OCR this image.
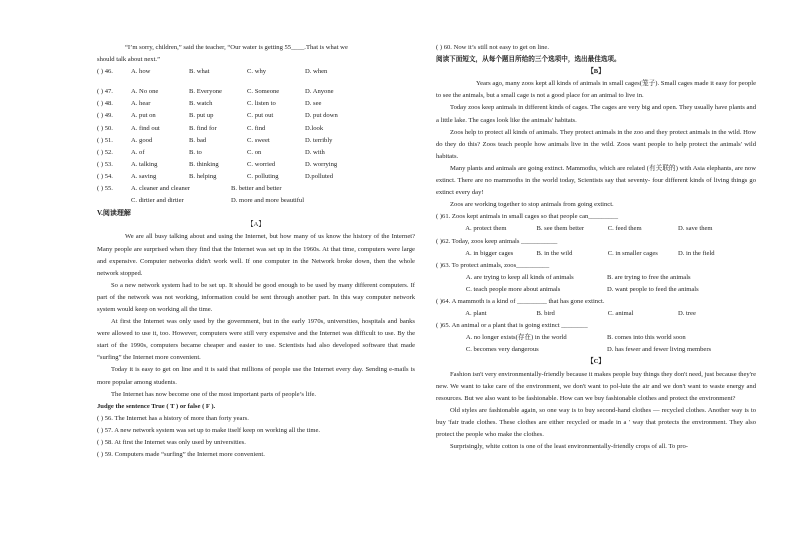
“I’m sorry, children,” said the teacher, “Our water is getting 55____.That is what we

should talk about next.”

( ) 46.	A. how	B. what	C. why	D. when
( ) 47.	A. No one	B. Everyone	C. Someone	D. Anyone
( ) 48.	A. hear	B. watch	C. listen to	D. see
( ) 49.	A. put on	B. put up	C. put out	D. put down
( ) 50.	A. find out	B. find for	C. find	D.look
( ) 51.	A. good	B. bad	C. sweet	D. terribly
( ) 52.	A. of	B. to	C. on	D. with
( ) 53.	A. talking	B. thinking	C. worried	D. worrying
( ) 54.	A. saving	B. helping	C. polluting	D.polluted
( ) 55.	A. cleaner and cleaner	B. better and better
C. dirtier and dirtier	D. more and more beautiful

V.阅读理解

【A】

We are all busy talking about and using the Internet, but how many of us know the history of the Internet? Many people are surprised when they find that the Internet was set up in the 1960s. At that time, computers were large and expensive. Computer networks didn't work well. If one computer in the Network broke down, then the whole network stopped.

So a new network system had to be set up. It should be good enough to be used by many different computers. If part of the network was not working, information could be sent through another part. In this way computer network system would keep on working all the time.

At first the Internet was only used by the government, but in the early 1970s, universities, hospitals and banks were allowed to use it, too. However, computers were still very expensive and the Internet was difficult to use. By the start of the 1990s, computers became cheaper and easier to use. Scientists had also developed software that made “surfing” the Internet more convenient.

Today it is easy to get on line and it is said that millions of people use the Internet every day. Sending e-mails is more popular among students.

The Internet has now become one of the most important parts of people’s life.

Judge the sentence True ( T ) or false ( F ).

( ) 56. The Internet has a history of more than forty years.

( ) 57. A new network system was set up to make itself keep on working all the time.

( ) 58. At first the Internet was only used by universities.

( ) 59. Computers made “surfing” the Internet more convenient.

( ) 60. Now it’s still not easy to get on line.

阅读下面短文，从每个题目所给的三个选项中，选出最佳选项。

【B】

Years ago, many zoos kept all kinds of animals in small cages(笼子). Small cages made it easy for people to see the animals, but a small cage is not a good place for an animal to live in.

Today zoos keep animals in different kinds of cages. The cages are very big and open. They usually have plants and a little lake. The cages look like the animals' habitats.

Zoos help to protect all kinds of animals. They protect animals in the zoo and they protect animals in the wild. How do they do this? Zoos teach people how animals live in the wild. Zoos want people to help protect the animals' wild habitats.

Many plants and animals are going extinct. Mammoths, which are related (有关联的) with Asia elephants, are now extinct. There are no mammoths in the world today, Scientists say that seventy- four different kinds of living things go extinct every day!

Zoos are working together to stop animals from going extinct.

( )61. Zoos kept animals in small cages so that people can_________

A. protect them	B. see them better	C. feed them	D. save them

( )62. Today, zoos keep animals ___________

A. in bigger cages	B. in the wild	C. in smaller cages	D. in the field

( )63. To protect animals, zoos__________

A. are trying to keep all kinds of animals	B. are trying to free the animals
C. teach people more about animals	D. want people to feed the animals

( )64. A mammoth is a kind of _________ that has gone extinct.

A. plant	B. bird	C. animal	D. tree

( )65. An animal or a plant that is going extinct ________

A. no longer exists(存在) in the world	B. comes into this world soon
C. becomes very dangerous	D. has fewer and fewer living members

【C】

Fashion isn't very environmentally-friendly because it makes people buy things they don't need, just because they're new. We want to take care of the environment, we don't want to pol-lute the air and we don't want to waste energy and resources. But we also want to be fashionable. How can we buy fashionable clothes and protect the environment?

Old styles are fashionable again, so one way is to buy second-hand clothes — recycled clothes. Another way is to buy 'fair trade clothes. These clothes are either recycled or made in a ' way that protects the environment. They also protect the people who make the clothes.

Surprisingly, white cotton is one of the least environmentally-friendly crops of all. To pro-
